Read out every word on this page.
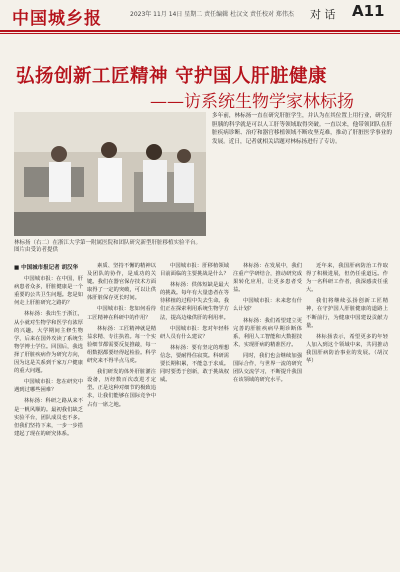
中国城乡报	2023年 11月 14日 星期二 责任编辑 杜汉文 责任校对 郑伟杰 对 话 A11
弘扬创新工匠精神 守护国人肝脏健康
——访系统生物学家林标扬
林标扬（右二）在浙江大学第一附属医院和团队研究新型肝脏移植实验平台。图片由受访者提供
多年前，林标扬一直在研究肝脏学生，并认为在其位置上用行业，研究肝胆胰的科学就是可以人工肝等领域取得突破。一直以来，他带领团队在肝脏疾病诊断、治疗和器官移植领域不断攻坚克难，推动了肝脏医学事业的发展。近日，记者就相关话题对林标扬进行了专访。
■ 中国城市报记者 胡汉华

中国城市报：在中国，肝病患者众多，肝脏健康是一个重要的公共卫生问题。您是如何走上肝脏研究之路的？

林标扬：我出生于浙江，从小就对生物学和医学有浓厚的兴趣。大学期间主修生物学，后来在国外攻读了系统生物学博士学位。回国后，我选择了肝脏疾病作为研究方向，因为这是关系到千家万户健康的重大问题。

中国城市报：您在研究中遇到过哪些困难？

林标扬：科研之路从来不是一帆风顺的。最初我们缺乏实验平台，团队成员也不多。但我们坚持下来，一步一步搭建起了现在的研究体系。

素质、坚持不懈的精神以及团队的协作，是成功的关键。我们在器官保存技术方面取得了一定的突破，可以让供体肝脏保存更长时间。

中国城市报：您如何看待工匠精神在科研中的作用？

林标扬：工匠精神就是精益求精、专注执着。每一个实验细节都需要反复推敲，每一组数据都要经得起检验。科学研究来不得半点马虎。

我们研发的体外肝脏灌注设备，历经数百次改进才定型。正是这种对细节的极致追求，让我们能够在国际竞争中占有一席之地。

中国城市报：肝移植领域目前面临的主要挑战是什么？

林标扬：供体短缺是最大的挑战。每年有大量患者在等待移植的过程中失去生命。我们正在探索利用系统生物学方法，提高边缘供肝的利用率。

中国城市报：您对年轻科研人员有什么建议？

林标扬：要有坚定的理想信念，要耐得住寂寞。科研需要长期积累，不能急于求成。同时要勇于创新，敢于挑战权威。

林标扬：在发展中，我们注重产学研结合，推动研究成果转化应用，让更多患者受益。

中国城市报：未来您有什么计划？

林标扬：我们希望建立更完善的肝脏疾病早期诊断体系，利用人工智能和大数据技术，实现肝病的精准医疗。

同时，我们也会继续加强国际合作，与世界一流的研究团队交流学习，不断提升我国在该领域的研究水平。

近年来，我国肝病防治工作取得了积极进展，但仍任重道远。作为一名科研工作者，我深感责任重大。

我们将继续弘扬创新工匠精神，在守护国人肝脏健康的道路上不断前行，为健康中国建设贡献力量。

林标扬表示，希望更多的年轻人加入到这个领域中来，共同推动我国肝病防治事业的发展。（胡汉华）
